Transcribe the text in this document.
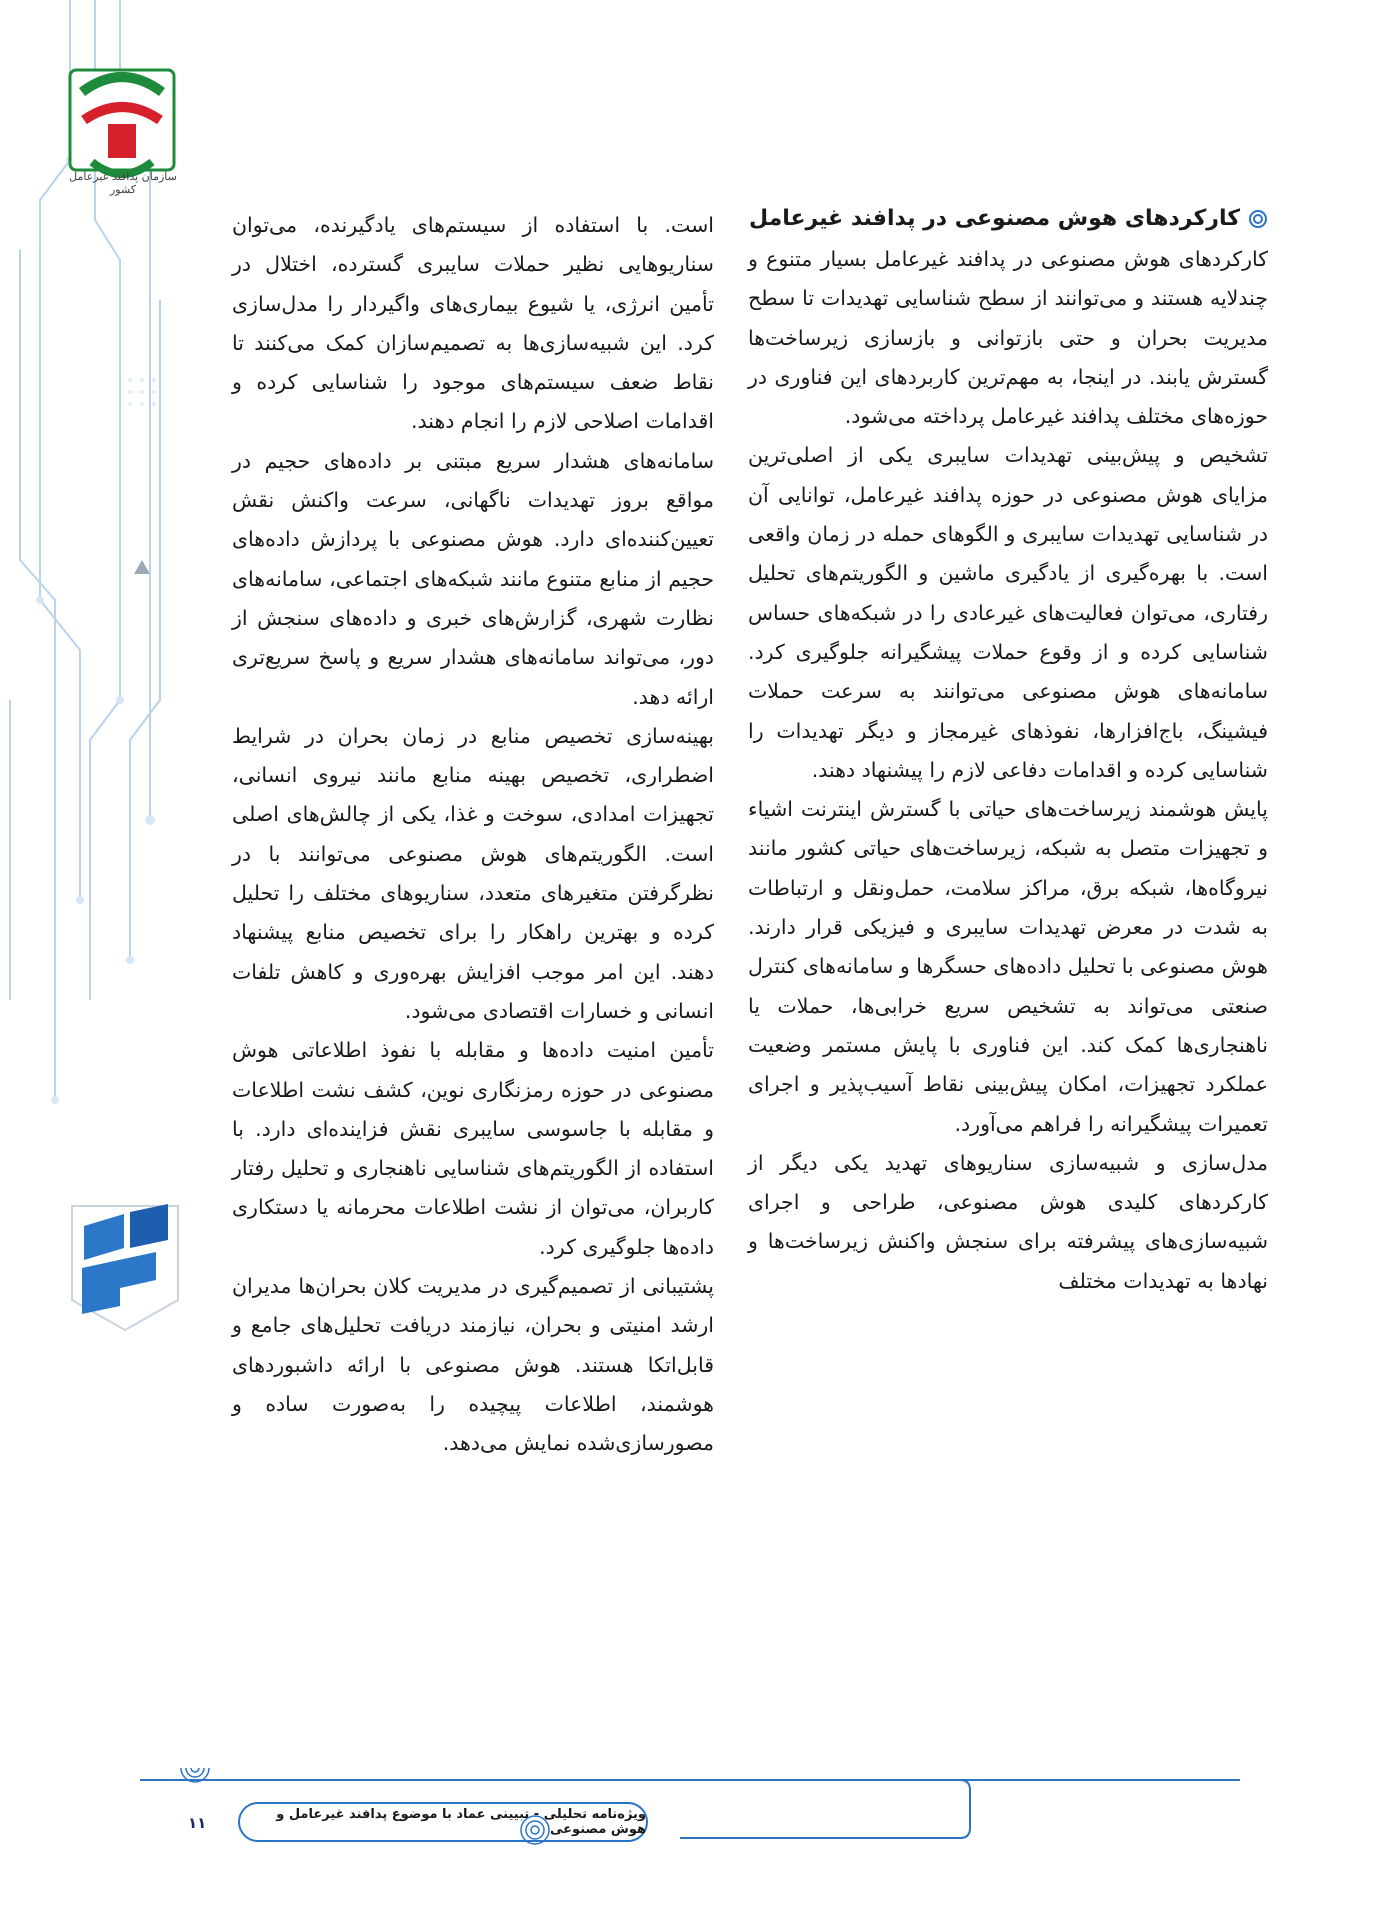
سازمان پدافند غیرعامل کشور
کارکردهای هوش مصنوعی در پدافند غیرعامل

کارکردهای هوش مصنوعی در پدافند غیرعامل بسیار متنوع و چندلایه هستند و می‌توانند از سطح شناسایی تهدیدات تا سطح مدیریت بحران و حتی بازتوانی و بازسازی زیرساخت‌ها گسترش یابند. در اینجا، به مهم‌ترین کاربردهای این فناوری در حوزه‌های مختلف پدافند غیرعامل پرداخته می‌شود.

تشخیص و پیش‌بینی تهدیدات سایبری یکی از اصلی‌ترین مزایای هوش مصنوعی در حوزه پدافند غیرعامل، توانایی آن در شناسایی تهدیدات سایبری و الگوهای حمله در زمان واقعی است. با بهره‌گیری از یادگیری ماشین و الگوریتم‌های تحلیل رفتاری، می‌توان فعالیت‌های غیرعادی را در شبکه‌های حساس شناسایی کرده و از وقوع حملات پیشگیرانه جلوگیری کرد. سامانه‌های هوش مصنوعی می‌توانند به سرعت حملات فیشینگ، باج‌افزارها، نفوذهای غیرمجاز و دیگر تهدیدات را شناسایی کرده و اقدامات دفاعی لازم را پیشنهاد دهند.

پایش هوشمند زیرساخت‌های حیاتی با گسترش اینترنت اشیاء و تجهیزات متصل به شبکه، زیرساخت‌های حیاتی کشور مانند نیروگاه‌ها، شبکه برق، مراکز سلامت، حمل‌ونقل و ارتباطات به شدت در معرض تهدیدات سایبری و فیزیکی قرار دارند. هوش مصنوعی با تحلیل داده‌های حسگرها و سامانه‌های کنترل صنعتی می‌تواند به تشخیص سریع خرابی‌ها، حملات یا ناهنجاری‌ها کمک کند. این فناوری با پایش مستمر وضعیت عملکرد تجهیزات، امکان پیش‌بینی نقاط آسیب‌پذیر و اجرای تعمیرات پیشگیرانه را فراهم می‌آورد.

مدل‌سازی و شبیه‌سازی سناریوهای تهدید یکی دیگر از کارکردهای کلیدی هوش مصنوعی، طراحی و اجرای شبیه‌سازی‌های پیشرفته برای سنجش واکنش زیرساخت‌ها و نهادها به تهدیدات مختلف

است. با استفاده از سیستم‌های یادگیرنده، می‌توان سناریوهایی نظیر حملات سایبری گسترده، اختلال در تأمین انرژی، یا شیوع بیماری‌های واگیردار را مدل‌سازی کرد. این شبیه‌سازی‌ها به تصمیم‌سازان کمک می‌کنند تا نقاط ضعف سیستم‌های موجود را شناسایی کرده و اقدامات اصلاحی لازم را انجام دهند.

سامانه‌های هشدار سریع مبتنی بر داده‌های حجیم در مواقع بروز تهدیدات ناگهانی، سرعت واکنش نقش تعیین‌کننده‌ای دارد. هوش مصنوعی با پردازش داده‌های حجیم از منابع متنوع مانند شبکه‌های اجتماعی، سامانه‌های نظارت شهری، گزارش‌های خبری و داده‌های سنجش از دور، می‌تواند سامانه‌های هشدار سریع و پاسخ سریع‌تری ارائه دهد.

بهینه‌سازی تخصیص منابع در زمان بحران در شرایط اضطراری، تخصیص بهینه منابع مانند نیروی انسانی، تجهیزات امدادی، سوخت و غذا، یکی از چالش‌های اصلی است. الگوریتم‌های هوش مصنوعی می‌توانند با در نظرگرفتن متغیرهای متعدد، سناریوهای مختلف را تحلیل کرده و بهترین راهکار را برای تخصیص منابع پیشنهاد دهند. این امر موجب افزایش بهره‌وری و کاهش تلفات انسانی و خسارات اقتصادی می‌شود.

تأمین امنیت داده‌ها و مقابله با نفوذ اطلاعاتی هوش مصنوعی در حوزه رمزنگاری نوین، کشف نشت اطلاعات و مقابله با جاسوسی سایبری نقش فزاینده‌ای دارد. با استفاده از الگوریتم‌های شناسایی ناهنجاری و تحلیل رفتار کاربران، می‌توان از نشت اطلاعات محرمانه یا دستکاری داده‌ها جلوگیری کرد.

پشتیبانی از تصمیم‌گیری در مدیریت کلان بحران‌ها مدیران ارشد امنیتی و بحران، نیازمند دریافت تحلیل‌های جامع و قابل‌اتکا هستند. هوش مصنوعی با ارائه داشبوردهای هوشمند، اطلاعات پیچیده را به‌صورت ساده و مصورسازی‌شده نمایش می‌دهد.

۱۱	ویژه‌نامه تحلیلی - تبیینی عماد با موضوع پدافند غیرعامل و هوش مصنوعی
